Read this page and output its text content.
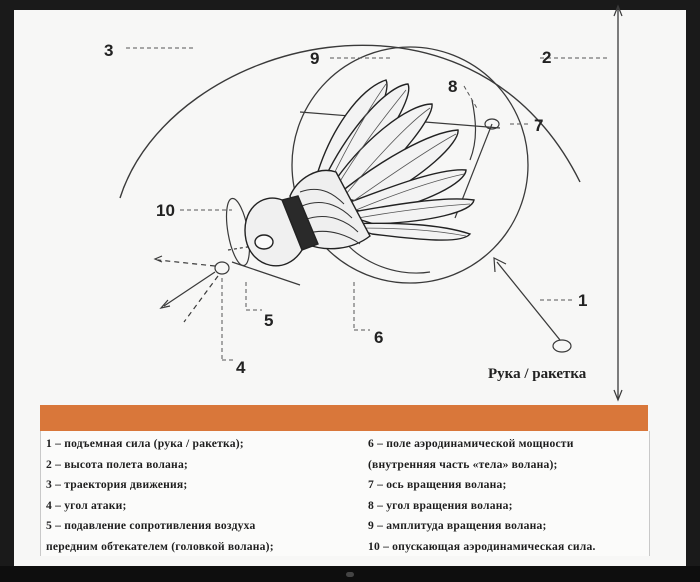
3	9	2
8
7
10
5
6
4
1
Рука / ракетка
1 – подъемная сила (рука / ракетка);
2 – высота полета волана;
3 – траектория движения;
4 – угол атаки;
5 – подавление сопротивления воздуха
передним обтекателем (головкой волана);
6 – поле аэродинамической мощности
(внутренняя часть «тела» волана);
7 – ось вращения волана;
8 – угол вращения волана;
9 – амплитуда вращения волана;
10 – опускающая аэродинамическая сила.
